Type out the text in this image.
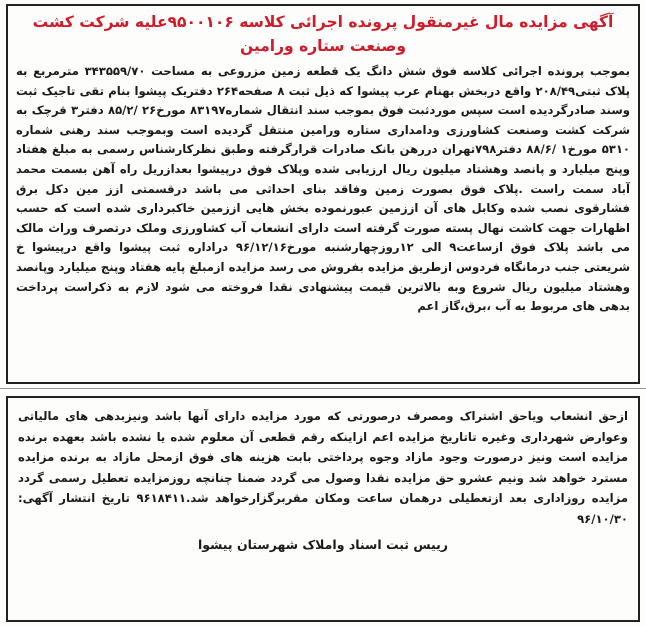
آگهی مزایده مال غیرمنقول پرونده اجرائی کلاسه ۹۵۰۰۱۰۶علیه شرکت کشت وصنعت ستاره ورامین

بموجب پرونده اجرائی کلاسه فوق شش دانگ یک قطعه زمین مزروعی به مساحت ۳۴۳۵۵۹/۷۰ مترمربع به پلاک ثبتی۲۰۸/۴۹ واقع دربخش بهنام عرب پیشوا که ذیل ثبت ۸ صفحه۲۶۴ دفتریک پیشوا بنام تقی تاجیک ثبت وسند صادرگردیده است سپس موردثبت فوق بموجب سند انتقال شماره۸۳۱۹۷ مورخ۲۶ /۸۵/۲ دفتر۳ قرچک به شرکت کشت وصنعت کشاورزی ودامداری ستاره ورامین منتقل گردیده است وبموجب سند رهنی شماره ۵۳۱۰ مورخ۱ /۸۸/۶ دفتر۷۹۸تهران دررهن بانک صادرات قرارگرفته وطبق نظرکارشناس رسمی به مبلغ هفتاد وپنج میلیارد و پانصد وهشتاد میلیون ریال ارزیابی شده وپلاک فوق درپیشوا بعدازریل راه آهن بسمت محمد آباد سمت راست .پلاک فوق بصورت زمین وفاقد بنای احداثی می باشد درقسمتی ازز مین دکل برق فشارقوی نصب شده وکابل های آن اززمین عبورنموده بخش هایی اززمین خاکبرداری شده است که حسب اظهارات جهت کاشت نهال پسته صورت گرفته است دارای انشعاب آب کشاورزی وملک درتصرف وراث مالک می باشد پلاک فوق ازساعت۹ الی ۱۲روزچهارشنبه مورخ۹۶/۱۲/۱۶ دراداره ثبت پیشوا واقع درپیشوا خ شریعتی جنب درمانگاه فردوس ازطریق مزایده بفروش می رسد مزایده ازمبلغ پایه هفتاد وپنج میلیارد وپانصد وهشتاد میلیون ریال شروع وبه بالاترین قیمت پیشنهادی نقدا فروخته می شود لازم به ذکراست پرداخت بدهی های مربوط به آب ،برق،گاز اعم

ازحق انشعاب ویاحق اشتراک ومصرف درصورتی که مورد مزایده دارای آنها باشد ونیزبدهی های مالیاتی وعوارض شهرداری وغیره تاتاریخ مزایده اعم ازاینکه رقم قطعی آن معلوم شده یا نشده باشد بعهده برنده مزایده است ونیز درصورت وجود مازاد وجوه پرداختی بابت هزینه های فوق ازمحل مازاد به برنده مزایده مسترد خواهد شد ونیم عشرو حق مزایده نقدا وصول می گردد ضمنا چنانچه روزمزایده تعطیل رسمی گردد مزایده روزاداری بعد ازتعطیلی درهمان ساعت ومکان مقربرگزارخواهد شد.۹۶۱۸۴۱۱ تاریخ انتشار آگهی: ۹۶/۱۰/۳۰

رییس ثبت اسناد واملاک شهرستان پیشوا
